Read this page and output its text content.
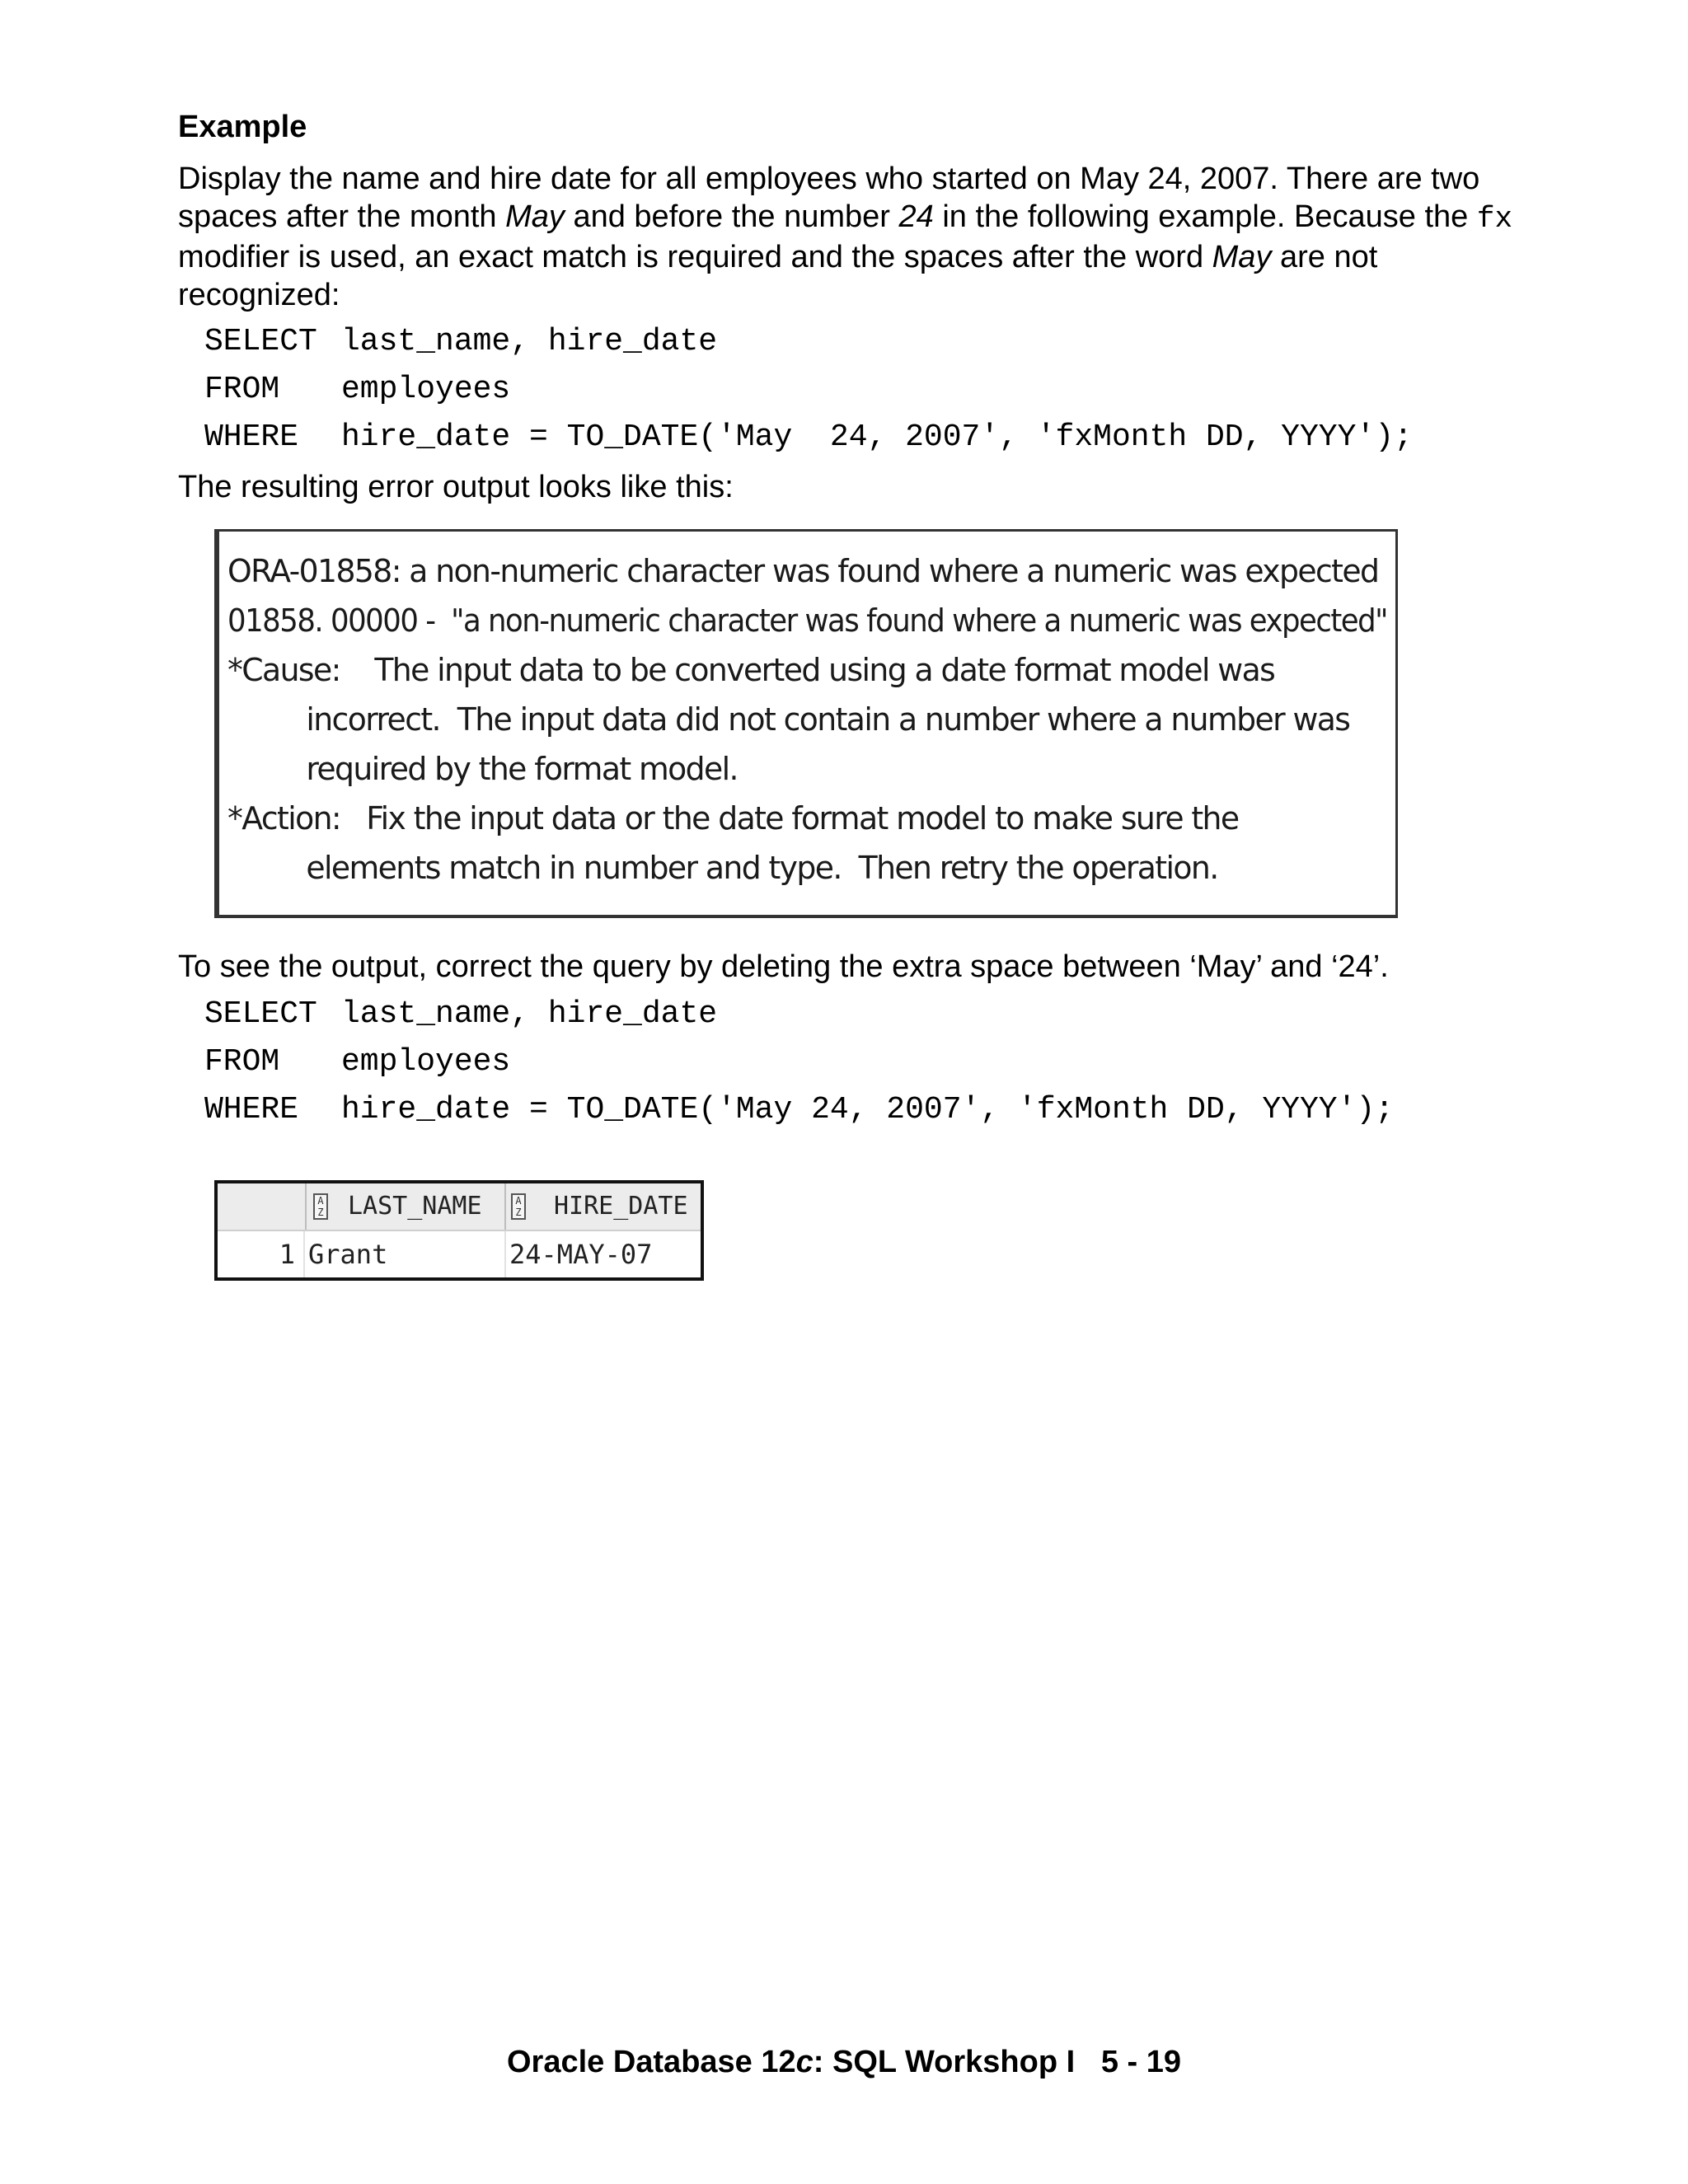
Example
Display the name and hire date for all employees who started on May 24, 2007. There are two spaces after the month May and before the number 24 in the following example. Because the fx modifier is used, an exact match is required and the spaces after the word May are not recognized:
SELECT last_name, hire_date
FROM employees
WHERE hire_date = TO_DATE('May  24, 2007', 'fxMonth DD, YYYY');
The resulting error output looks like this:
ORA-01858: a non-numeric character was found where a numeric was expected
01858. 00000 -  "a non-numeric character was found where a numeric was expected"
*Cause:    The input data to be converted using a date format model was
incorrect.  The input data did not contain a number where a number was
required by the format model.
*Action:   Fix the input data or the date format model to make sure the
elements match in number and type.  Then retry the operation.
To see the output, correct the query by deleting the extra space between ‘May’ and ‘24’.
SELECT last_name, hire_date
FROM employees
WHERE hire_date = TO_DATE('May 24, 2007', 'fxMonth DD, YYYY');
A
Z LAST_NAME	A
Z HIRE_DATE
1 Grant	24-MAY-07
Oracle Database 12c: SQL Workshop I   5 - 19
